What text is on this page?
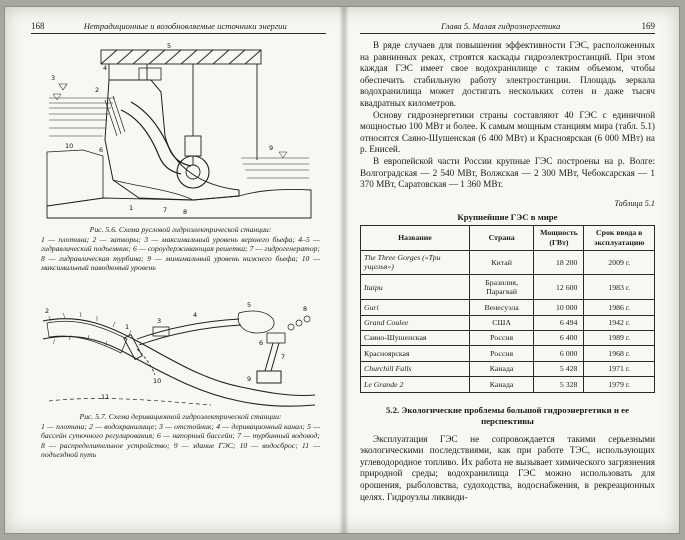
168	Нетрадиционные и возобновляемые источники энергии
3
10
2
4
5
6
1	7 8
9
Рис. 5.6. Схема русловой гидроэлектрической станции:
1 — плотина; 2 — затворы; 3 — максимальный уровень верхнего бьефа; 4–5 — гидравлический подъемник; 6 — сороудерживающая решетка; 7 — гидрогенератор; 8 — гидравлическая турбина; 9 — минимальный уровень нижнего бьефа; 10 — максимальный паводковый уровень
2
1
3
4
5
6
7
8
9
10
11
Рис. 5.7. Схема деривационной гидроэлектрической станции:
1 — плотина; 2 — водохранилище; 3 — отстойник; 4 — деривационный канал; 5 — бассейн суточного регулирования; 6 — напорный бассейн; 7 — турбинный водовод; 8 — распределительное устройство; 9 — здание ГЭС; 10 — водосброс; 11 — подъездной путь
Глава 5. Малая гидроэнергетика	169

В ряде случаев для повышения эффективности ГЭС, расположенных на равнинных реках, строятся каскады гидроэлектростанций. При этом каждая ГЭС имеет свое водохранилище с таким объемом, чтобы обеспечить стабильную работу электростанции. Площадь зеркала водохранилища может достигать нескольких сотен и даже тысяч квадратных километров.

Основу гидроэнергетики страны составляют 40 ГЭС с единичной мощностью 100 МВт и более. К самым мощным станциям мира (табл. 5.1) относятся Саяно-Шушенская (6 400 МВт) и Красноярская (6 000 МВт) на р. Енисей.

В европейской части России крупные ГЭС построены на р. Волге: Волгоградская — 2 540 МВт, Волжская — 2 300 МВт, Чебоксарская — 1 370 МВт, Саратовская — 1 360 МВт.

Таблица 5.1
Крупнейшие ГЭС в мире
Название	Страна	Мощность (ГВт)	Срок ввода в эксплуатацию
The Three Gorges («Три ущелья»)	Китай	18 200	2009 г.
Itaipu	Бразилия, Парагвай	12 600	1983 г.
Guri	Венесуэла	10 000	1986 г.
Grand Coulee	США	6 494	1942 г.
Саяно-Шушенская	Россия	6 400	1989 г.
Красноярская	Россия	6 000	1968 г.
Churchill Falls	Канада	5 428	1971 г.
Le Grande 2	Канада	5 328	1979 г.
5.2. Экологические проблемы большой гидроэнергетики и ее перспективы

Эксплуатация ГЭС не сопровождается такими серьезными экологическими последствиями, как при работе ТЭС, использующих углеводородное топливо. Их работа не вызывает химического загрязнения природной среды; водохранилища ГЭС можно использовать для орошения, рыболовства, судоходства, водоснабжения, в рекреационных целях. Гидроузлы ликвиди-
